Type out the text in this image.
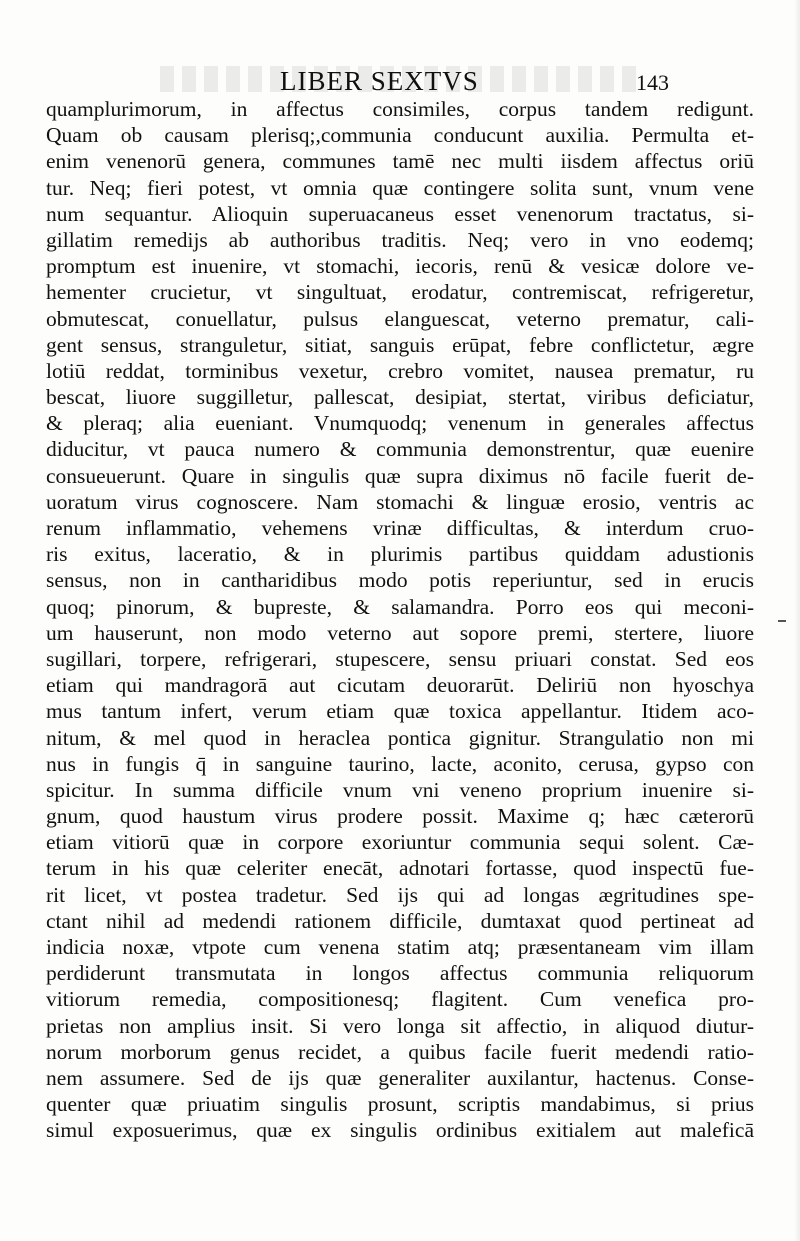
LIBER SEXTVS	143
quamplurimorum, in affectus consimiles, corpus tandem redigunt.
Quam ob causam plerisq;,communia conducunt auxilia. Permulta et-
enim venenorū genera, communes tamē nec multi iisdem affectus oriū
tur. Neq; fieri potest, vt omnia quæ contingere solita sunt, vnum vene
num sequantur. Alioquin superuacaneus esset venenorum tractatus, si-
gillatim remedijs ab authoribus traditis. Neq; vero in vno eodemq;
promptum est inuenire, vt stomachi, iecoris, renū & vesicæ dolore ve-
hementer crucietur, vt singultuat, erodatur, contremiscat, refrigeretur,
obmutescat, conuellatur, pulsus elanguescat, veterno prematur, cali-
gent sensus, stranguletur, sitiat, sanguis erūpat, febre conflictetur, ægre
lotiū reddat, torminibus vexetur, crebro vomitet, nausea prematur, ru
bescat, liuore suggilletur, pallescat, desipiat, stertat, viribus deficiatur,
& pleraq; alia eueniant. Vnumquodq; venenum in generales affectus
diducitur, vt pauca numero & communia demonstrentur, quæ euenire
consueuerunt. Quare in singulis quæ supra diximus nō facile fuerit de-
uoratum virus cognoscere. Nam stomachi & linguæ erosio, ventris ac
renum inflammatio, vehemens vrinæ difficultas, & interdum cruo-
ris exitus, laceratio, & in plurimis partibus quiddam adustionis
sensus, non in cantharidibus modo potis reperiuntur, sed in erucis
quoq; pinorum, & bupreste, & salamandra. Porro eos qui meconi-
um hauserunt, non modo veterno aut sopore premi, stertere, liuore
sugillari, torpere, refrigerari, stupescere, sensu priuari constat. Sed eos
etiam qui mandragorā aut cicutam deuorarūt. Deliriū non hyoschya
mus tantum infert, verum etiam quæ toxica appellantur. Itidem aco-
nitum, & mel quod in heraclea pontica gignitur. Strangulatio non mi
nus in fungis q̄ in sanguine taurino, lacte, aconito, cerusa, gypso con
spicitur. In summa difficile vnum vni veneno proprium inuenire si-
gnum, quod haustum virus prodere possit. Maxime q; hæc cæterorū
etiam vitiorū quæ in corpore exoriuntur communia sequi solent. Cæ-
terum in his quæ celeriter enecāt, adnotari fortasse, quod inspectū fue-
rit licet, vt postea tradetur. Sed ijs qui ad longas ægritudines spe-
ctant nihil ad medendi rationem difficile, dumtaxat quod pertineat ad
indicia noxæ, vtpote cum venena statim atq; præsentaneam vim illam
perdiderunt transmutata in longos affectus communia reliquorum
vitiorum remedia, compositionesq; flagitent. Cum venefica pro-
prietas non amplius insit. Si vero longa sit affectio, in aliquod diutur-
norum morborum genus recidet, a quibus facile fuerit medendi ratio-
nem assumere. Sed de ijs quæ generaliter auxilantur, hactenus. Conse-
quenter quæ priuatim singulis prosunt, scriptis mandabimus, si prius
simul exposuerimus, quæ ex singulis ordinibus exitialem aut maleficā
